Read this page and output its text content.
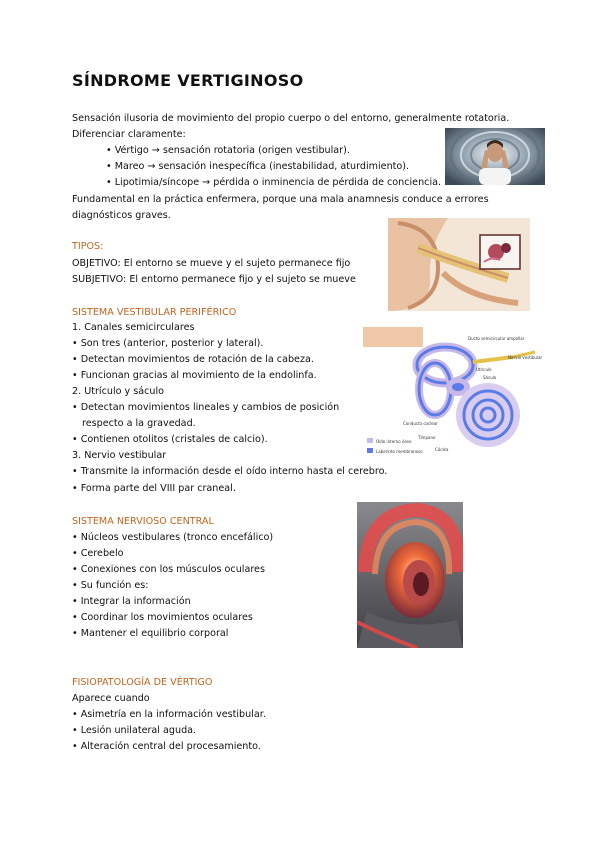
SÍNDROME VERTIGINOSO
Sensación ilusoria de movimiento del propio cuerpo o del entorno, generalmente rotatoria.
Diferenciar claramente:
• Vértigo → sensación rotatoria (origen vestibular).
• Mareo → sensación inespecífica (inestabilidad, aturdimiento).
• Lipotimia/síncope → pérdida o inminencia de pérdida de conciencia.
Fundamental en la práctica enfermera, porque una mala anamnesis conduce a errores
diagnósticos graves.
TIPOS:
OBJETIVO: El entorno se mueve y el sujeto permanece fijo
SUBJETIVO: El entorno permanece fijo y el sujeto se mueve
SISTEMA VESTIBULAR PERIFÉRICO
1. Canales semicirculares
• Son tres (anterior, posterior y lateral).
• Detectan movimientos de rotación de la cabeza.
• Funcionan gracias al movimiento de la endolinfa.
2. Utrículo y sáculo
• Detectan movimientos lineales y cambios de posición
respecto a la gravedad.
• Contienen otolitos (cristales de calcio).
3. Nervio vestibular
• Transmite la información desde el oído interno hasta el cerebro.
• Forma parte del VIII par craneal.
SISTEMA NERVIOSO CENTRAL
• Núcleos vestibulares (tronco encefálico)
• Cerebelo
• Conexiones con los músculos oculares
• Su función es:
• Integrar la información
• Coordinar los movimientos oculares
• Mantener el equilibrio corporal
FISIOPATOLOGÍA DE VÉRTIGO
Aparece cuando
• Asimetría en la información vestibular.
• Lesión unilateral aguda.
• Alteración central del procesamiento.
Oído interno óseo
Laberinto membranoso
Ducto semicircular ampollar
Nervio vestibular
Utrículo
Sáculo
Conducto coclear
Cóclea
Tímpano
